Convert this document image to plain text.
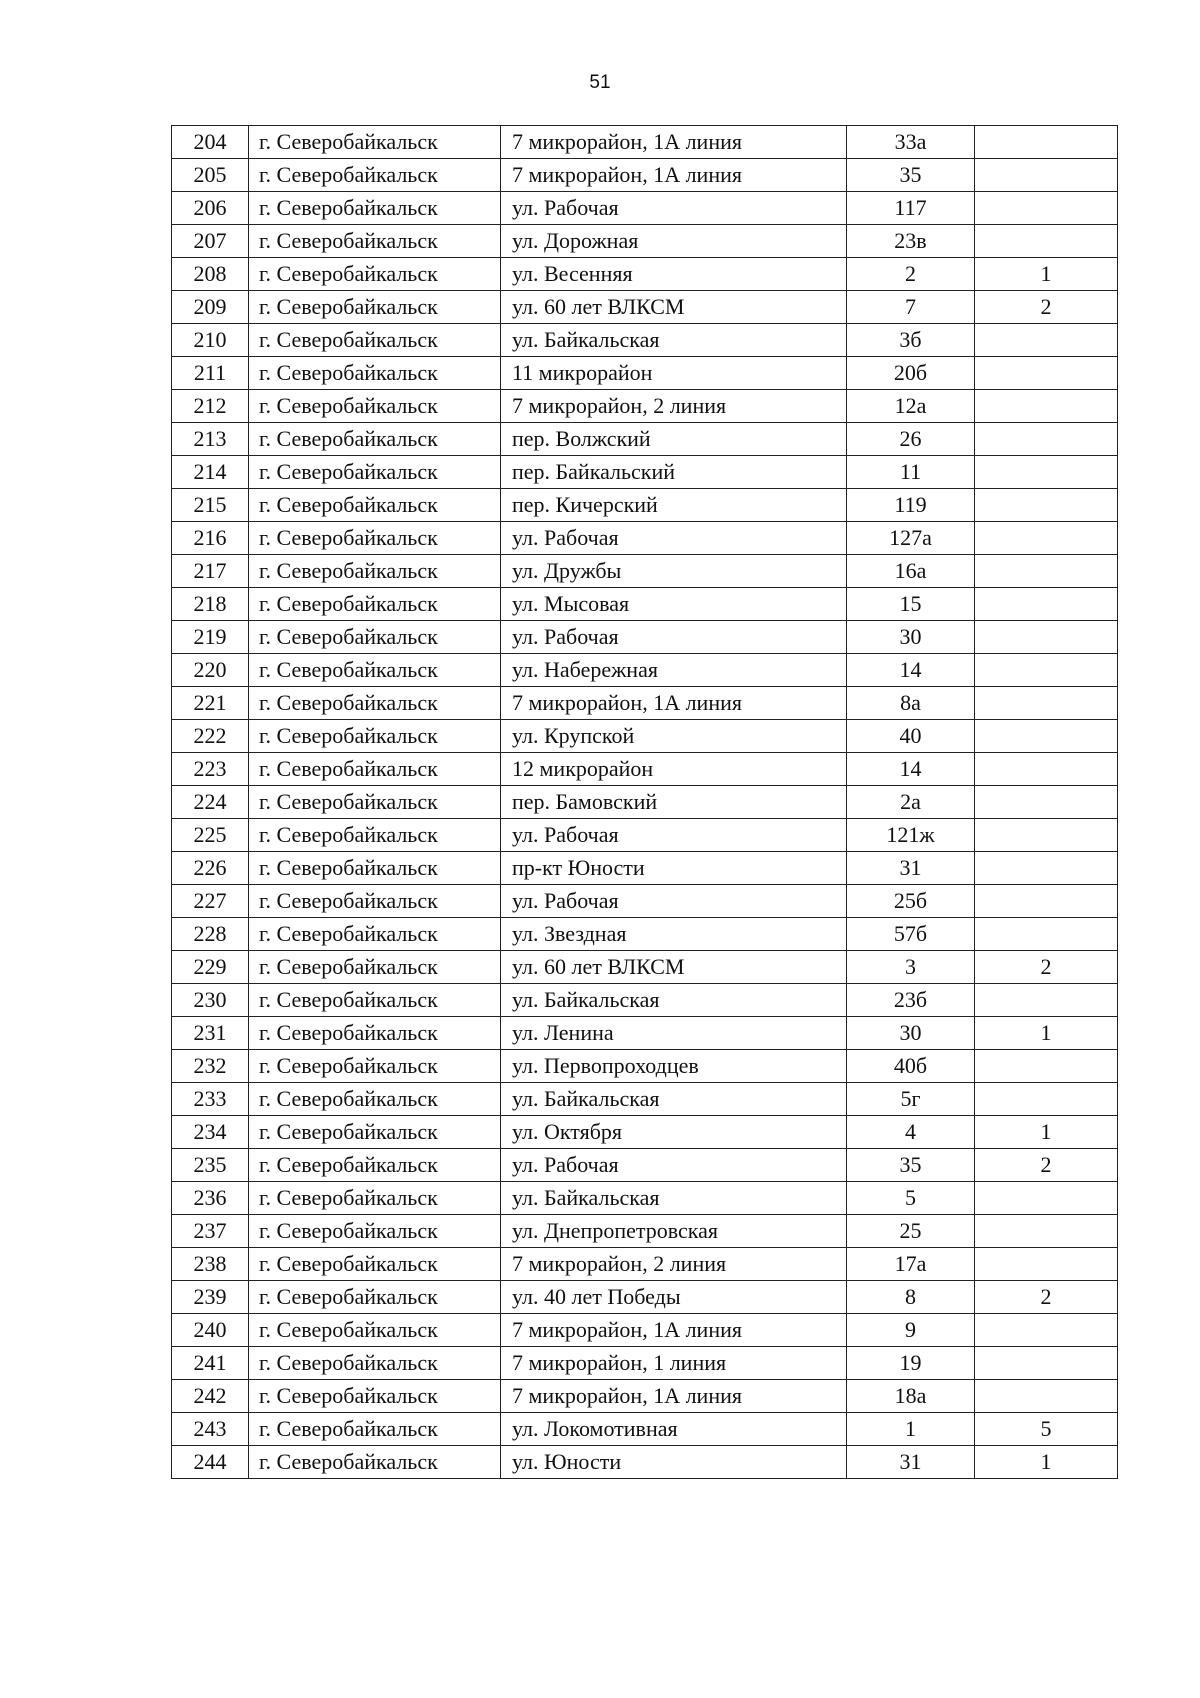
51
204	г. Северобайкальск	7 микрорайон, 1А линия	33а	
205	г. Северобайкальск	7 микрорайон, 1А линия	35	
206	г. Северобайкальск	ул. Рабочая	117	
207	г. Северобайкальск	ул. Дорожная	23в	
208	г. Северобайкальск	ул. Весенняя	2	1
209	г. Северобайкальск	ул. 60 лет ВЛКСМ	7	2
210	г. Северобайкальск	ул. Байкальская	3б	
211	г. Северобайкальск	11 микрорайон	20б	
212	г. Северобайкальск	7 микрорайон, 2 линия	12а	
213	г. Северобайкальск	пер. Волжский	26	
214	г. Северобайкальск	пер. Байкальский	11	
215	г. Северобайкальск	пер. Кичерский	119	
216	г. Северобайкальск	ул. Рабочая	127а	
217	г. Северобайкальск	ул. Дружбы	16а	
218	г. Северобайкальск	ул. Мысовая	15	
219	г. Северобайкальск	ул. Рабочая	30	
220	г. Северобайкальск	ул. Набережная	14	
221	г. Северобайкальск	7 микрорайон, 1А линия	8а	
222	г. Северобайкальск	ул. Крупской	40	
223	г. Северобайкальск	12 микрорайон	14	
224	г. Северобайкальск	пер. Бамовский	2а	
225	г. Северобайкальск	ул. Рабочая	121ж	
226	г. Северобайкальск	пр-кт Юности	31	
227	г. Северобайкальск	ул. Рабочая	25б	
228	г. Северобайкальск	ул. Звездная	57б	
229	г. Северобайкальск	ул. 60 лет ВЛКСМ	3	2
230	г. Северобайкальск	ул. Байкальская	23б	
231	г. Северобайкальск	ул. Ленина	30	1
232	г. Северобайкальск	ул. Первопроходцев	40б	
233	г. Северобайкальск	ул. Байкальская	5г	
234	г. Северобайкальск	ул. Октября	4	1
235	г. Северобайкальск	ул. Рабочая	35	2
236	г. Северобайкальск	ул. Байкальская	5	
237	г. Северобайкальск	ул. Днепропетровская	25	
238	г. Северобайкальск	7 микрорайон, 2 линия	17а	
239	г. Северобайкальск	ул. 40 лет Победы	8	2
240	г. Северобайкальск	7 микрорайон, 1А линия	9	
241	г. Северобайкальск	7 микрорайон, 1 линия	19	
242	г. Северобайкальск	7 микрорайон, 1А линия	18а	
243	г. Северобайкальск	ул. Локомотивная	1	5
244	г. Северобайкальск	ул. Юности	31	1
